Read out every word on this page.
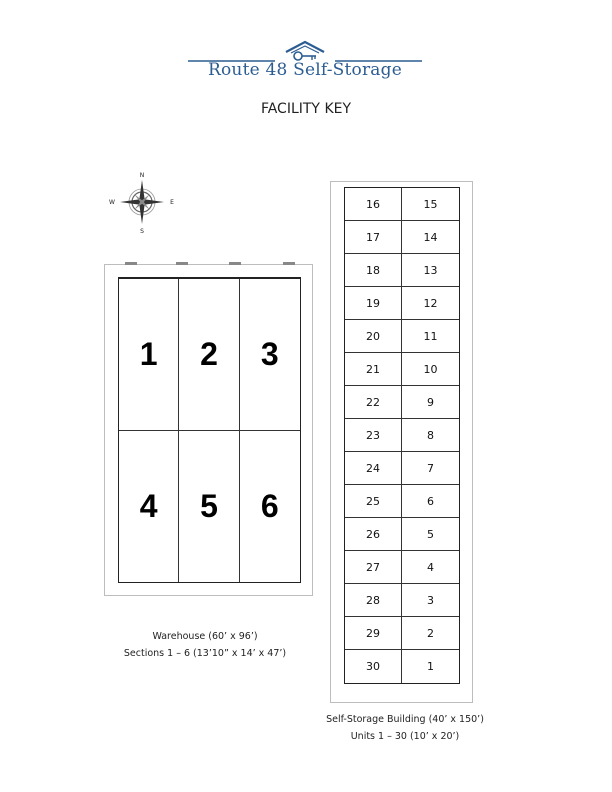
Route 48 Self-Storage
FACILITY KEY
N
S
W	E
1	2	3
4	5	6
Warehouse (60’ x 96’)
Sections 1 – 6 (13’10” x 14’ x 47’)
16	15
17	14
18	13
19	12
20	11
21	10
22	9
23	8
24	7
25	6
26	5
27	4
28	3
29	2
30	1
Self-Storage Building (40’ x 150’)
Units 1 – 30 (10’ x 20’)
